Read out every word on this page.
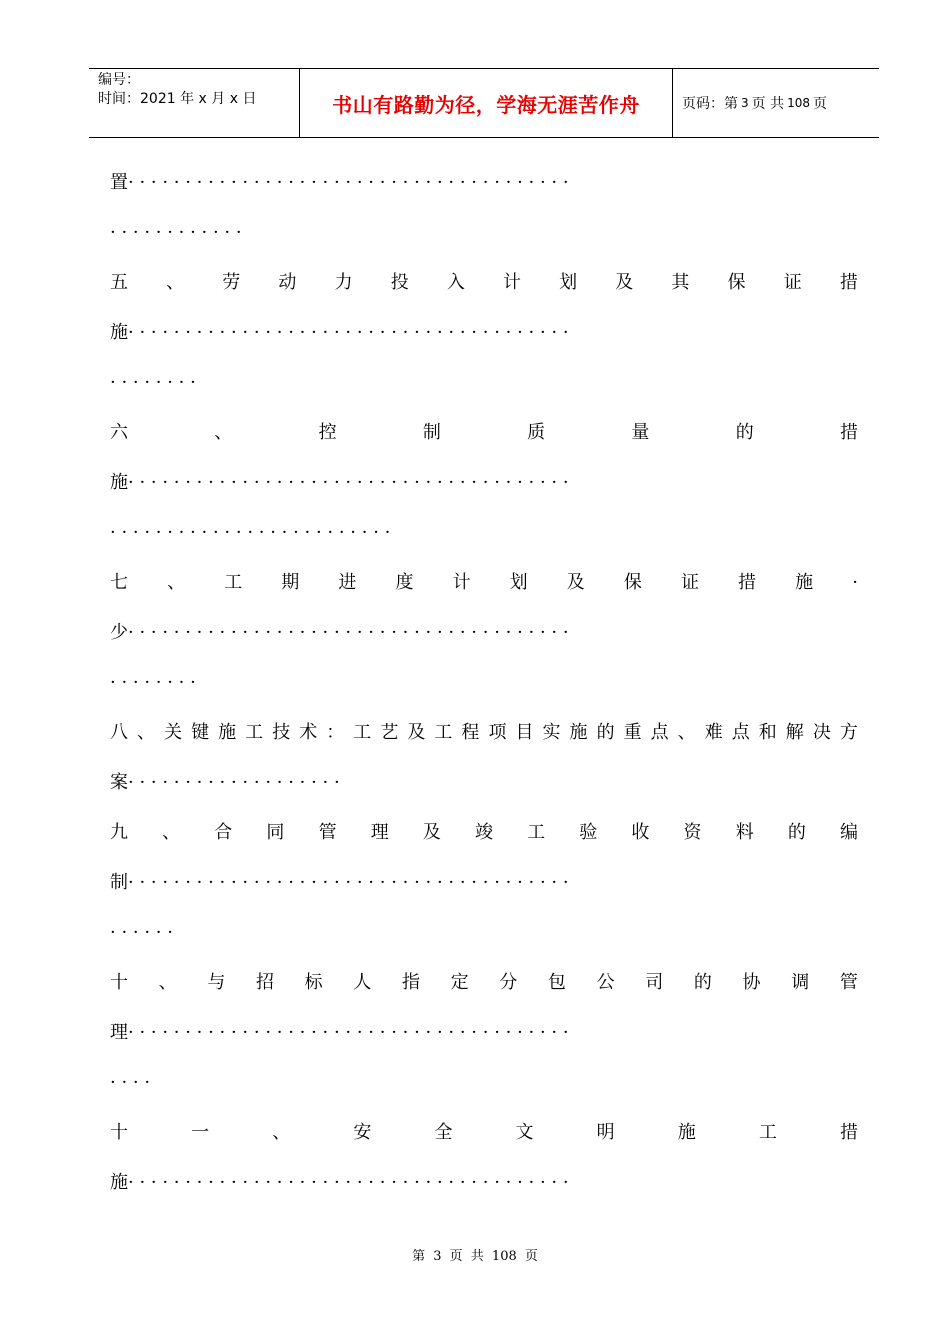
编号：
时间：2021 年 x 月 x 日	书山有路勤为径，学海无涯苦作舟	页码：第 3 页 共 108 页
置 · · · · · · · · · · · · · · · · · · · · · · · · · · · · · · · · · · · · · · ·
· · · · · · · · · · · ·
五 、 劳 动 力 投 入 计 划 及 其 保 证 措
施 · · · · · · · · · · · · · · · · · · · · · · · · · · · · · · · · · · · · · · ·
· · · · · · · ·
六	、	控	制	质	量	的	措
施 · · · · · · · · · · · · · · · · · · · · · · · · · · · · · · · · · · · · · · ·
· · · · · · · · · · · · · · · · · · · · · · · · ·
七 、 工 期 进 度 计 划 及 保 证 措 施 ·
少 · · · · · · · · · · · · · · · · · · · · · · · · · · · · · · · · · · · · · · ·
· · · · · · · ·
八 、 关 键 施 工 技 术 ： 工 艺 及 工 程 项 目 实 施 的 重 点 、 难 点 和 解 决 方
案 · · · · · · · · · · · · · · · · · · ·
九 、 合 同 管 理 及 竣 工 验 收 资 料 的 编
制 · · · · · · · · · · · · · · · · · · · · · · · · · · · · · · · · · · · · · · ·
· · · · · ·
十 、 与 招 标 人 指 定 分 包 公 司 的 协 调 管
理 · · · · · · · · · · · · · · · · · · · · · · · · · · · · · · · · · · · · · · ·
· · · ·
十	一	、	安	全	文	明	施	工	措
施 · · · · · · · · · · · · · · · · · · · · · · · · · · · · · · · · · · · · · · ·
第 3 页 共 108 页
